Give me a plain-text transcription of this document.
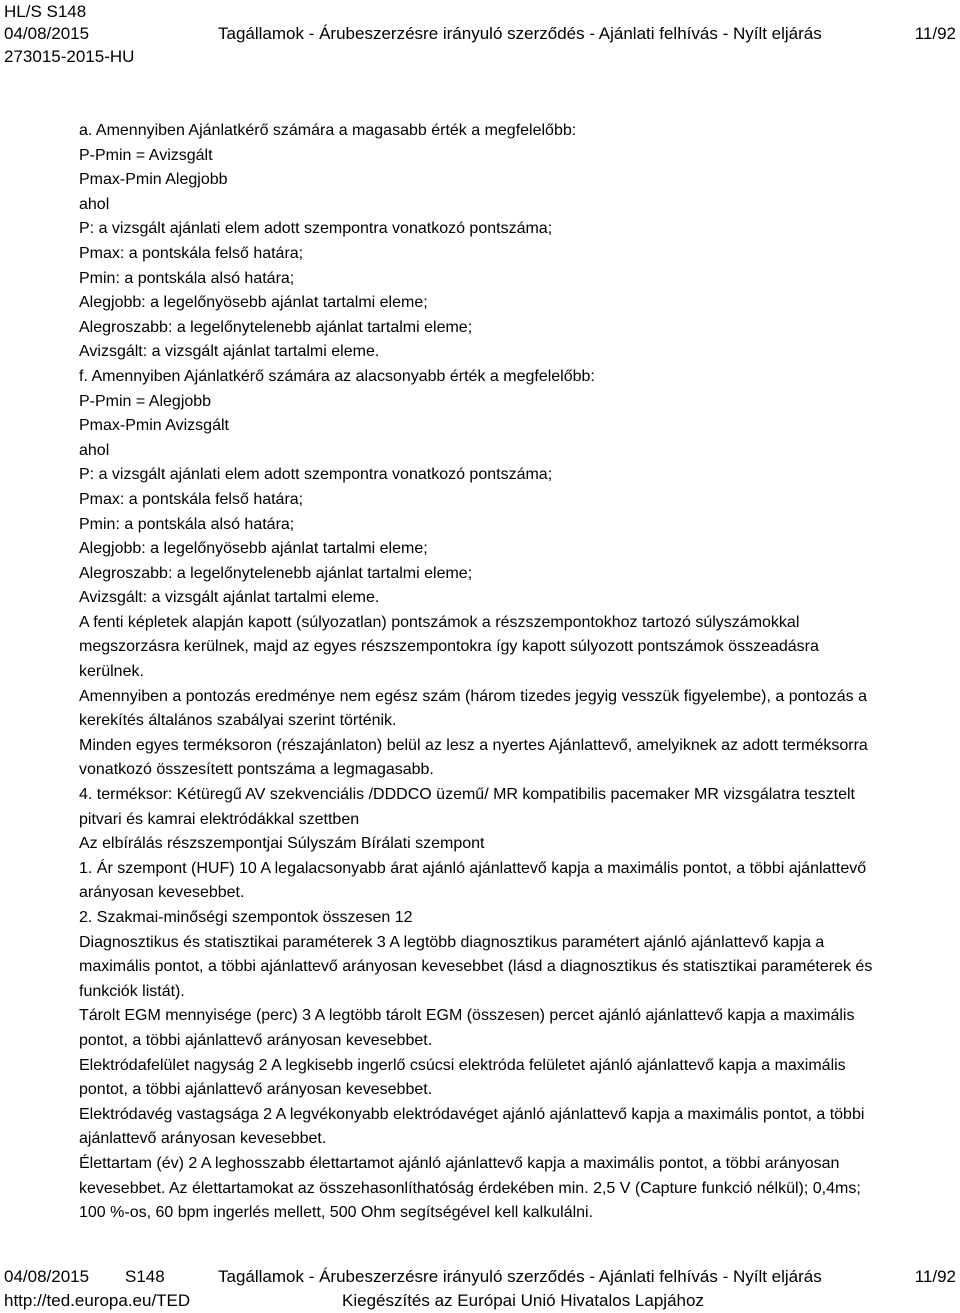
HL/S S148
04/08/2015
273015-2015-HU
Tagállamok - Árubeszerzésre irányuló szerződés - Ajánlati felhívás - Nyílt eljárás	11/92

a. Amennyiben Ajánlatkérő számára a magasabb érték a megfelelőbb:

P-Pmin = Avizsgált

Pmax-Pmin Alegjobb

ahol

P: a vizsgált ajánlati elem adott szempontra vonatkozó pontszáma;

Pmax: a pontskála felső határa;

Pmin: a pontskála alsó határa;

Alegjobb: a legelőnyösebb ajánlat tartalmi eleme;

Alegroszabb: a legelőnytelenebb ajánlat tartalmi eleme;

Avizsgált: a vizsgált ajánlat tartalmi eleme.

f. Amennyiben Ajánlatkérő számára az alacsonyabb érték a megfelelőbb:

P-Pmin = Alegjobb

Pmax-Pmin Avizsgált

ahol

P: a vizsgált ajánlati elem adott szempontra vonatkozó pontszáma;

Pmax: a pontskála felső határa;

Pmin: a pontskála alsó határa;

Alegjobb: a legelőnyösebb ajánlat tartalmi eleme;

Alegroszabb: a legelőnytelenebb ajánlat tartalmi eleme;

Avizsgált: a vizsgált ajánlat tartalmi eleme.

A fenti képletek alapján kapott (súlyozatlan) pontszámok a részszempontokhoz tartozó súlyszámokkal

megszorzásra kerülnek, majd az egyes részszempontokra így kapott súlyozott pontszámok összeadásra

kerülnek.

Amennyiben a pontozás eredménye nem egész szám (három tizedes jegyig vesszük figyelembe), a pontozás a

kerekítés általános szabályai szerint történik.

Minden egyes terméksoron (részajánlaton) belül az lesz a nyertes Ajánlattevő, amelyiknek az adott terméksorra

vonatkozó összesített pontszáma a legmagasabb.

4. terméksor: Kétüregű AV szekvenciális /DDDCO üzemű/ MR kompatibilis pacemaker MR vizsgálatra tesztelt

pitvari és kamrai elektródákkal szettben

Az elbírálás részszempontjai Súlyszám Bírálati szempont

1. Ár szempont (HUF) 10 A legalacsonyabb árat ajánló ajánlattevő kapja a maximális pontot, a többi ajánlattevő

arányosan kevesebbet.

2. Szakmai-minőségi szempontok összesen 12

Diagnosztikus és statisztikai paraméterek 3 A legtöbb diagnosztikus paramétert ajánló ajánlattevő kapja a

maximális pontot, a többi ajánlattevő arányosan kevesebbet (lásd a diagnosztikus és statisztikai paraméterek és

funkciók listát).

Tárolt EGM mennyisége (perc) 3 A legtöbb tárolt EGM (összesen) percet ajánló ajánlattevő kapja a maximális

pontot, a többi ajánlattevő arányosan kevesebbet.

Elektródafelület nagyság 2 A legkisebb ingerlő csúcsi elektróda felületet ajánló ajánlattevő kapja a maximális

pontot, a többi ajánlattevő arányosan kevesebbet.

Elektródavég vastagsága 2 A legvékonyabb elektródavéget ajánló ajánlattevő kapja a maximális pontot, a többi

ajánlattevő arányosan kevesebbet.

Élettartam (év) 2 A leghosszabb élettartamot ajánló ajánlattevő kapja a maximális pontot, a többi arányosan

kevesebbet. Az élettartamokat az összehasonlíthatóság érdekében min. 2,5 V (Capture funkció nélkül); 0,4ms;

100 %-os, 60 bpm ingerlés mellett, 500 Ohm segítségével kell kalkulálni.

04/08/2015 S148	Tagállamok - Árubeszerzésre irányuló szerződés - Ajánlati felhívás - Nyílt eljárás	11/92
http://ted.europa.eu/TED	Kiegészítés az Európai Unió Hivatalos Lapjához
